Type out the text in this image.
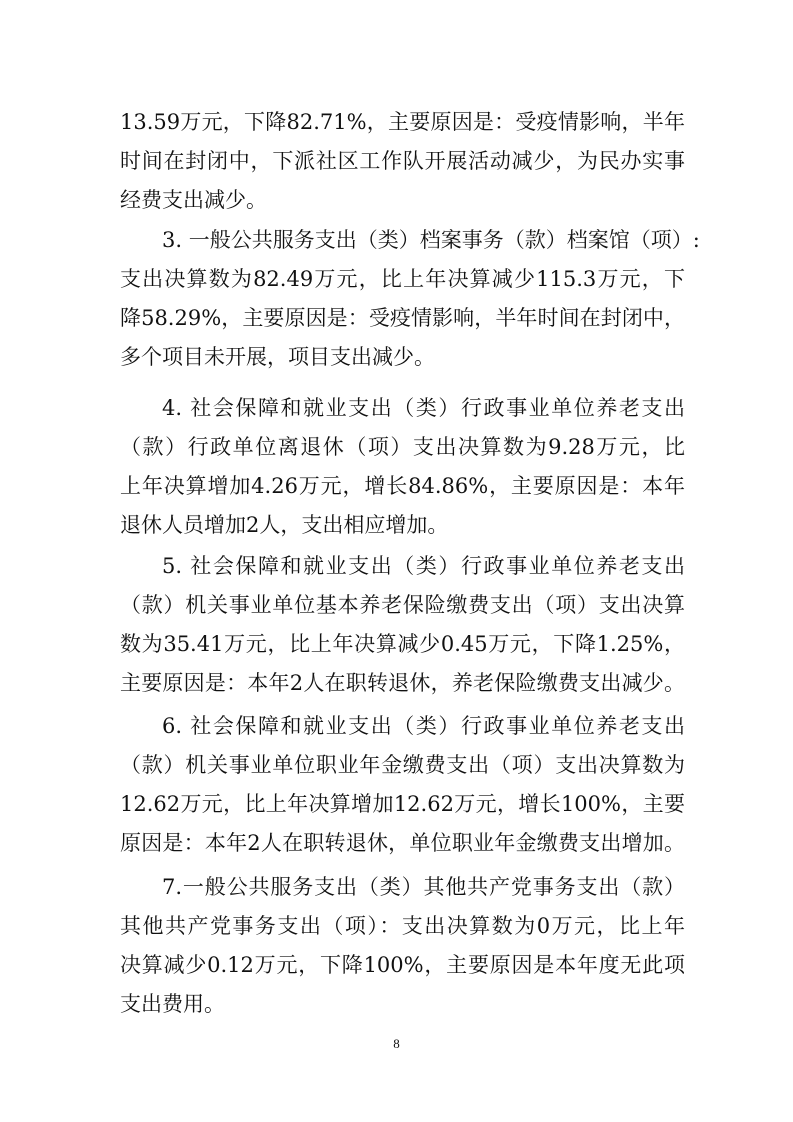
13.59万元，下降82.71%，主要原因是：受疫情影响，半年
时间在封闭中，下派社区工作队开展活动减少，为民办实事
经费支出减少。
3. 一般公共服务支出（类）档案事务（款）档案馆（项）:
支出决算数为82.49万元，比上年决算减少115.3万元，下
降58.29%，主要原因是：受疫情影响，半年时间在封闭中，
多个项目未开展，项目支出减少。
4. 社会保障和就业支出（类）行政事业单位养老支出
（款）行政单位离退休（项）支出决算数为9.28万元，比
上年决算增加4.26万元，增长84.86%，主要原因是：本年
退休人员增加2人，支出相应增加。
5. 社会保障和就业支出（类）行政事业单位养老支出
（款）机关事业单位基本养老保险缴费支出（项）支出决算
数为35.41万元，比上年决算减少0.45万元，下降1.25%，
主要原因是：本年2人在职转退休，养老保险缴费支出减少。
6. 社会保障和就业支出（类）行政事业单位养老支出
（款）机关事业单位职业年金缴费支出（项）支出决算数为
12.62万元，比上年决算增加12.62万元，增长100%，主要
原因是：本年2人在职转退休，单位职业年金缴费支出增加。
7.一般公共服务支出（类）其他共产党事务支出（款）
其他共产党事务支出（项）：支出决算数为0万元，比上年
决算减少0.12万元，下降100%，主要原因是本年度无此项
支出费用。
8
